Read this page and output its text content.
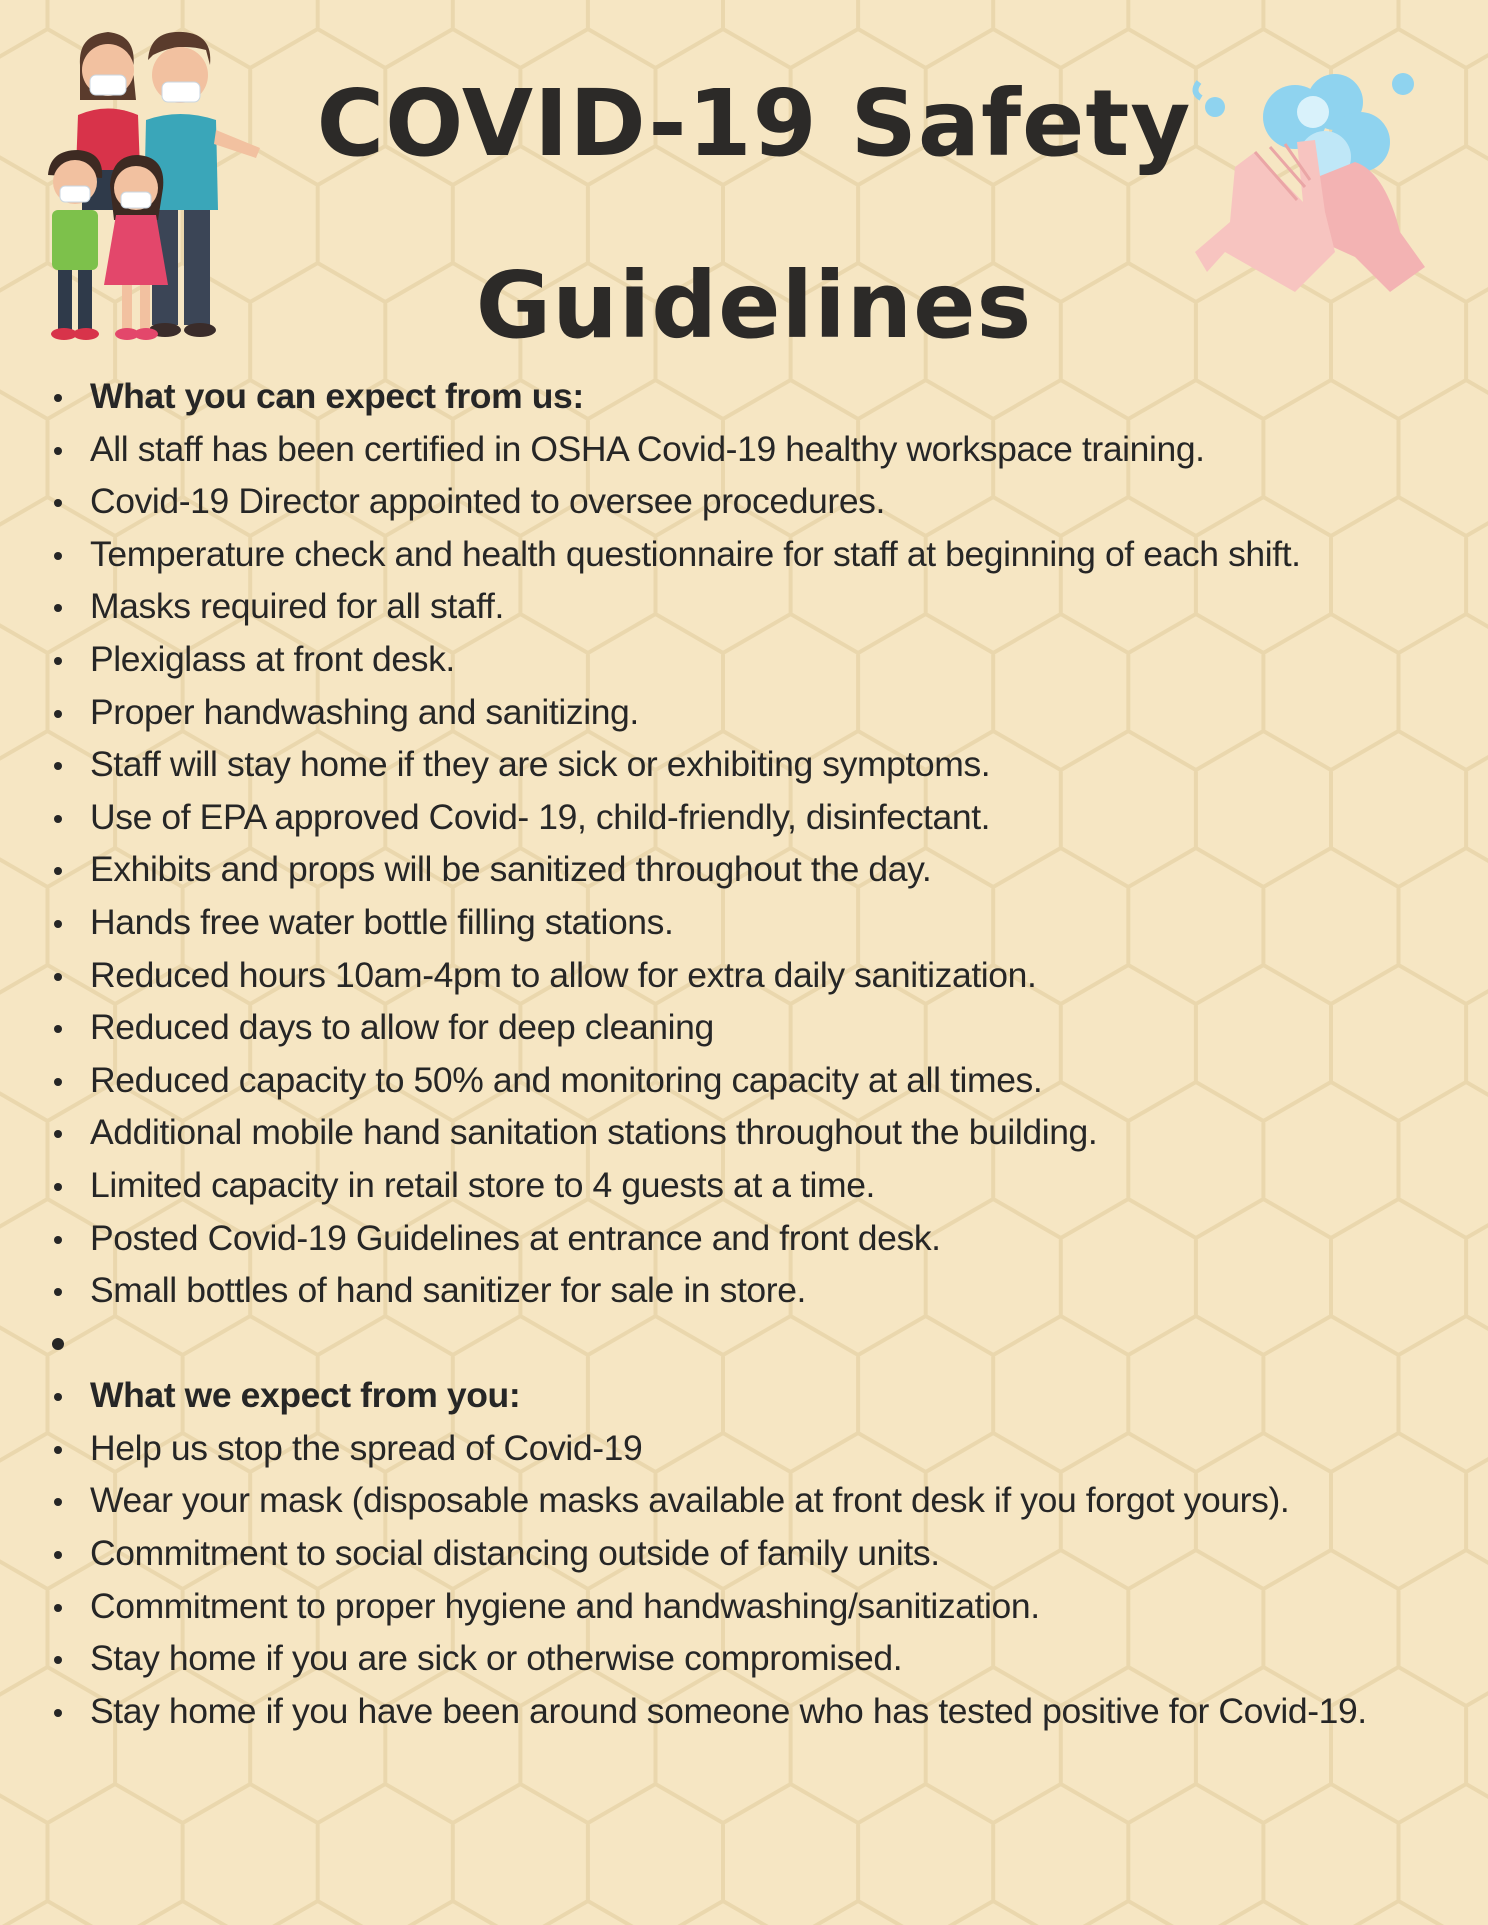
COVID-19 Safety
Guidelines
What you can expect from us:
All staff has been certified in OSHA Covid-19 healthy workspace training.
Covid-19 Director appointed to oversee procedures.
Temperature check and health questionnaire for staff at beginning of each shift.
Masks required for all staff.
Plexiglass at front desk.
Proper handwashing and sanitizing.
Staff will stay home if they are sick or exhibiting symptoms.
Use of EPA approved Covid- 19, child-friendly, disinfectant.
Exhibits and props will be sanitized throughout the day.
Hands free water bottle filling stations.
Reduced hours 10am-4pm to allow for extra daily sanitization.
Reduced days to allow for deep cleaning
Reduced capacity to 50% and monitoring capacity at all times.
Additional mobile hand sanitation stations throughout the building.
Limited capacity in retail store to 4 guests at a time.
Posted Covid-19 Guidelines at entrance and front desk.
Small bottles of hand sanitizer for sale in store.
What we expect from you:
Help us stop the spread of Covid-19
Wear your mask (disposable masks available at front desk if you forgot yours).
Commitment to social distancing outside of family units.
Commitment to proper hygiene and handwashing/sanitization.
Stay home if you are sick or otherwise compromised.
Stay home if you have been around someone who has tested positive for Covid-19.
